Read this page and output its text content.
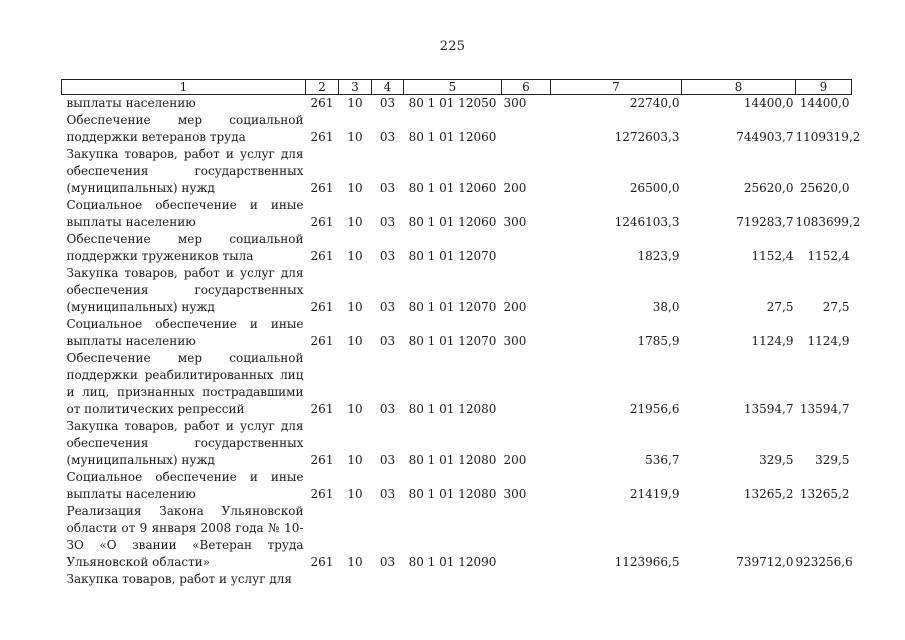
225
1	2	3	4	5	6	7	8	9
выплаты населению	261	10	03	80 1 01 12050	300	22740,0	14400,0	14400,0
Обеспечение мер социальной поддержки ветеранов труда	261	10	03	80 1 01 12060		1272603,3	744903,7	1109319,2
Закупка товаров, работ и услуг для обеспечения государственных (муниципальных) нужд	261	10	03	80 1 01 12060	200	26500,0	25620,0	25620,0
Социальное обеспечение и иные выплаты населению	261	10	03	80 1 01 12060	300	1246103,3	719283,7	1083699,2
Обеспечение мер социальной поддержки тружеников тыла	261	10	03	80 1 01 12070		1823,9	1152,4	1152,4
Закупка товаров, работ и услуг для обеспечения государственных (муниципальных) нужд	261	10	03	80 1 01 12070	200	38,0	27,5	27,5
Социальное обеспечение и иные выплаты населению	261	10	03	80 1 01 12070	300	1785,9	1124,9	1124,9
Обеспечение мер социальной поддержки реабилитированных лиц и лиц, признанных пострадавшими от политических репрессий	261	10	03	80 1 01 12080		21956,6	13594,7	13594,7
Закупка товаров, работ и услуг для обеспечения государственных (муниципальных) нужд	261	10	03	80 1 01 12080	200	536,7	329,5	329,5
Социальное обеспечение и иные выплаты населению	261	10	03	80 1 01 12080	300	21419,9	13265,2	13265,2
Реализация Закона Ульяновской области от 9 января 2008 года № 10-ЗО «О звании «Ветеран труда Ульяновской области»	261	10	03	80 1 01 12090		1123966,5	739712,0	923256,6
Закупка товаров, работ и услуг для								
